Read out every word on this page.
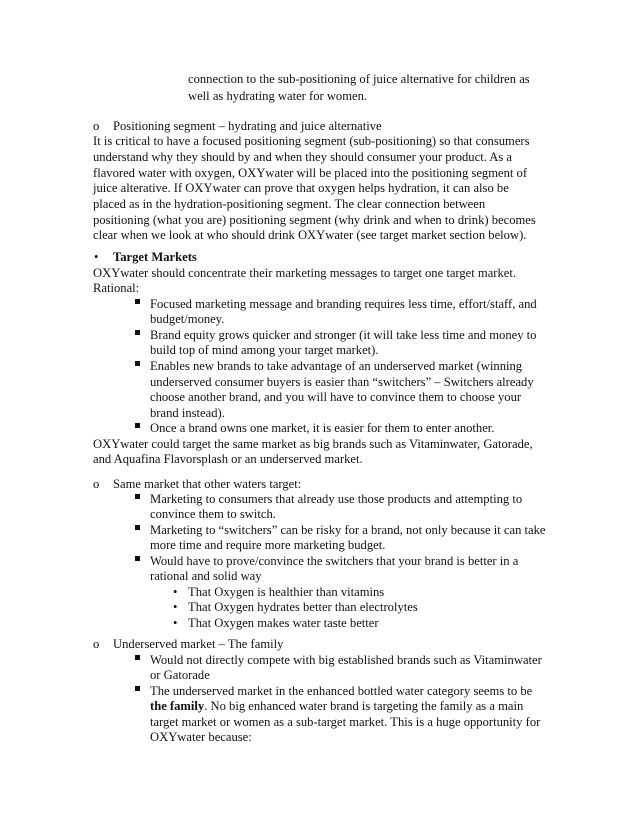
connection to the sub-positioning of juice alternative for children as
well as hydrating water for women.
o Positioning segment – hydrating and juice alternative
It is critical to have a focused positioning segment (sub-positioning) so that consumers
understand why they should by and when they should consumer your product. As a
flavored water with oxygen, OXYwater will be placed into the positioning segment of
juice alterative. If OXYwater can prove that oxygen helps hydration, it can also be
placed as in the hydration-positioning segment. The clear connection between
positioning (what you are) positioning segment (why drink and when to drink) becomes
clear when we look at who should drink OXYwater (see target market section below).
• Target Markets
OXYwater should concentrate their marketing messages to target one target market.
Rational:
Focused marketing message and branding requires less time, effort/staff, and
budget/money.
Brand equity grows quicker and stronger (it will take less time and money to
build top of mind among your target market).
Enables new brands to take advantage of an underserved market (winning
underserved consumer buyers is easier than “switchers” – Switchers already
choose another brand, and you will have to convince them to choose your
brand instead).
Once a brand owns one market, it is easier for them to enter another.
OXYwater could target the same market as big brands such as Vitaminwater, Gatorade,
and Aquafina Flavorsplash or an underserved market.
o Same market that other waters target:
Marketing to consumers that already use those products and attempting to
convince them to switch.
Marketing to “switchers” can be risky for a brand, not only because it can take
more time and require more marketing budget.
Would have to prove/convince the switchers that your brand is better in a
rational and solid way
• That Oxygen is healthier than vitamins
• That Oxygen hydrates better than electrolytes
• That Oxygen makes water taste better
o Underserved market – The family
Would not directly compete with big established brands such as Vitaminwater
or Gatorade
The underserved market in the enhanced bottled water category seems to be
the family. No big enhanced water brand is targeting the family as a main
target market or women as a sub-target market. This is a huge opportunity for
OXYwater because:
